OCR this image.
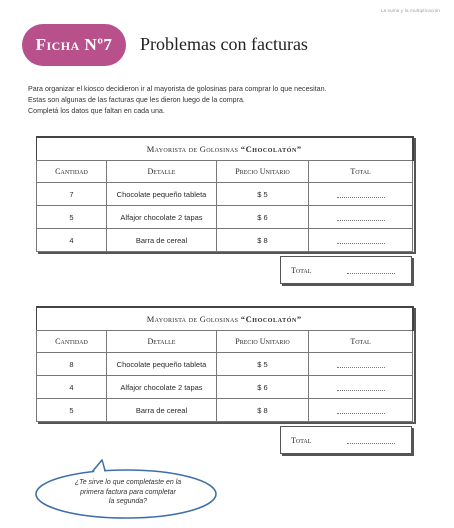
La suma y la multiplicación
Ficha
Nº7 Problemas con facturas

Para organizar el kiosco decidieron ir al mayorista de golosinas para comprar lo que necesitan.

Estas son algunas de las facturas que les dieron luego de la compra.

Completá los datos que faltan en cada una.

Mayorista de Golosinas “Chocolatón”			
Cantidad	Detalle	Precio Unitario	Total
7	Chocolate pequeño tableta	$ 5	
5	Alfajor chocolate 2 tapas	$ 6	
4	Barra de cereal	$ 8	
Total
Mayorista de Golosinas “Chocolatón”			
Cantidad	Detalle	Precio Unitario	Total
8	Chocolate pequeño tableta	$ 5	
4	Alfajor chocolate 2 tapas	$ 6	
5	Barra de cereal	$ 8	
Total
¿Te sirve lo que completaste en la
primera factura para completar
la segunda?
